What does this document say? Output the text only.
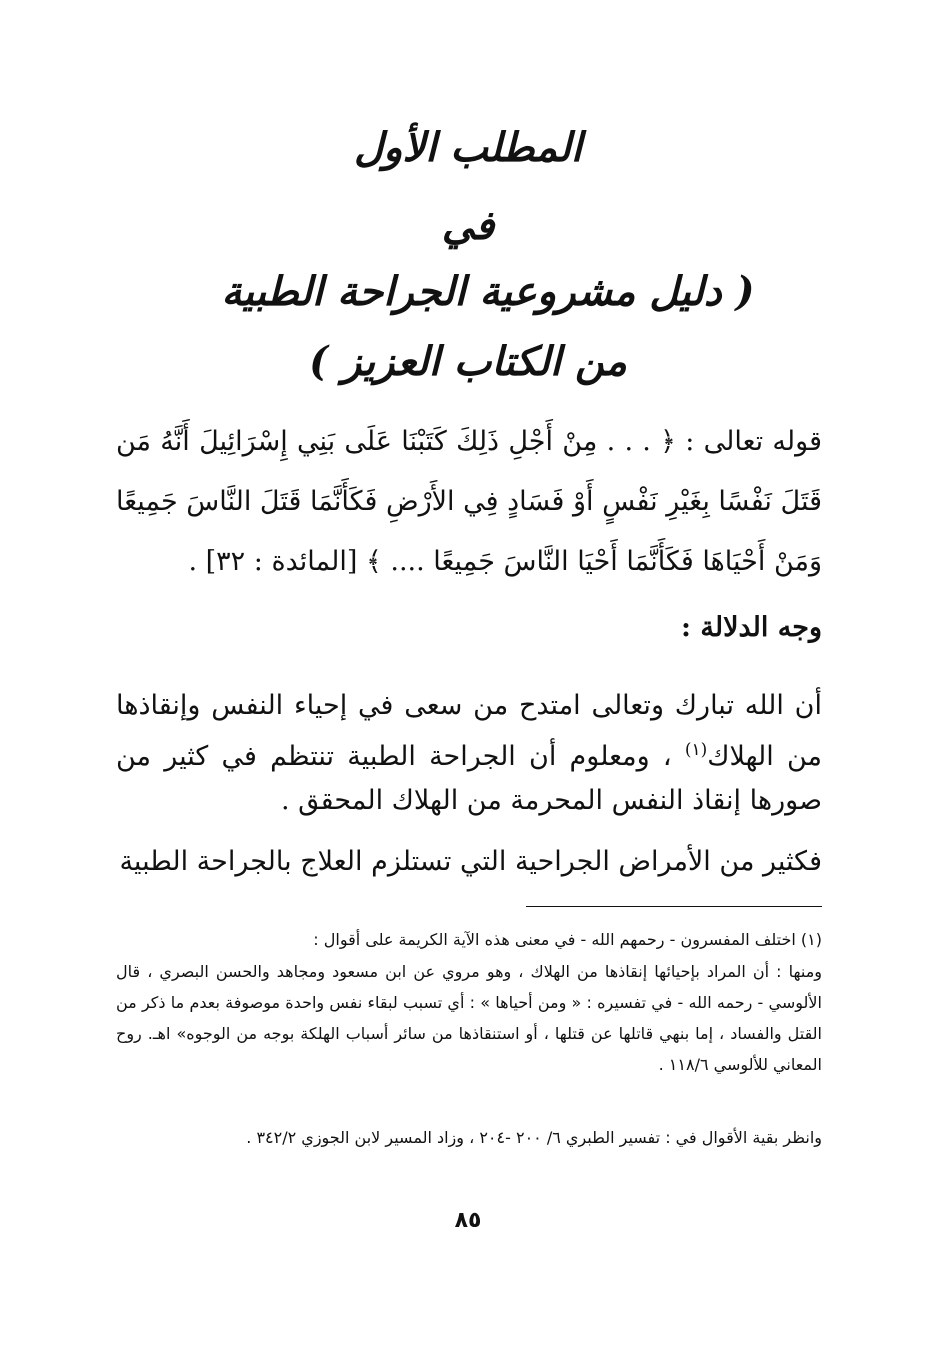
المطلب الأول
في
( دليل مشروعية الجراحة الطبية
من الكتاب العزيز )
قوله تعالى : ﴿ . . . مِنْ أَجْلِ ذَلِكَ كَتَبْنَا عَلَى بَنِي إِسْرَائِيلَ أَنَّهُ مَن قَتَلَ نَفْسًا بِغَيْرِ نَفْسٍ أَوْ فَسَادٍ فِي الأَرْضِ فَكَأَنَّمَا قَتَلَ النَّاسَ جَمِيعًا وَمَنْ أَحْيَاهَا فَكَأَنَّمَا أَحْيَا النَّاسَ جَمِيعًا .... ﴾ [المائدة : ٣٢] .
وجه الدلالة :
أن الله تبارك وتعالى امتدح من سعى في إحياء النفس وإنقاذها من الهلاك$^{(١)}$ ، ومعلوم أن الجراحة الطبية تنتظم في كثير من صورها إنقاذ النفس المحرمة من الهلاك المحقق .
فكثير من الأمراض الجراحية التي تستلزم العلاج بالجراحة الطبية
(١) اختلف المفسرون - رحمهم الله - في معنى هذه الآية الكريمة على أقوال :
ومنها : أن المراد بإحيائها إنقاذها من الهلاك ، وهو مروي عن ابن مسعود ومجاهد والحسن البصري ، قال الألوسي - رحمه الله - في تفسيره : « ومن أحياها » : أي تسبب لبقاء نفس واحدة موصوفة بعدم ما ذكر من القتل والفساد ، إما بنهي قاتلها عن قتلها ، أو استنقاذها من سائر أسباب الهلكة بوجه من الوجوه» اهـ. روح المعاني للألوسي ١١٨/٦ .
وانظر بقية الأقوال في : تفسير الطبري ٦/ ٢٠٠ -٢٠٤ ، وزاد المسير لابن الجوزي ٣٤٢/٢ .
٨٥
